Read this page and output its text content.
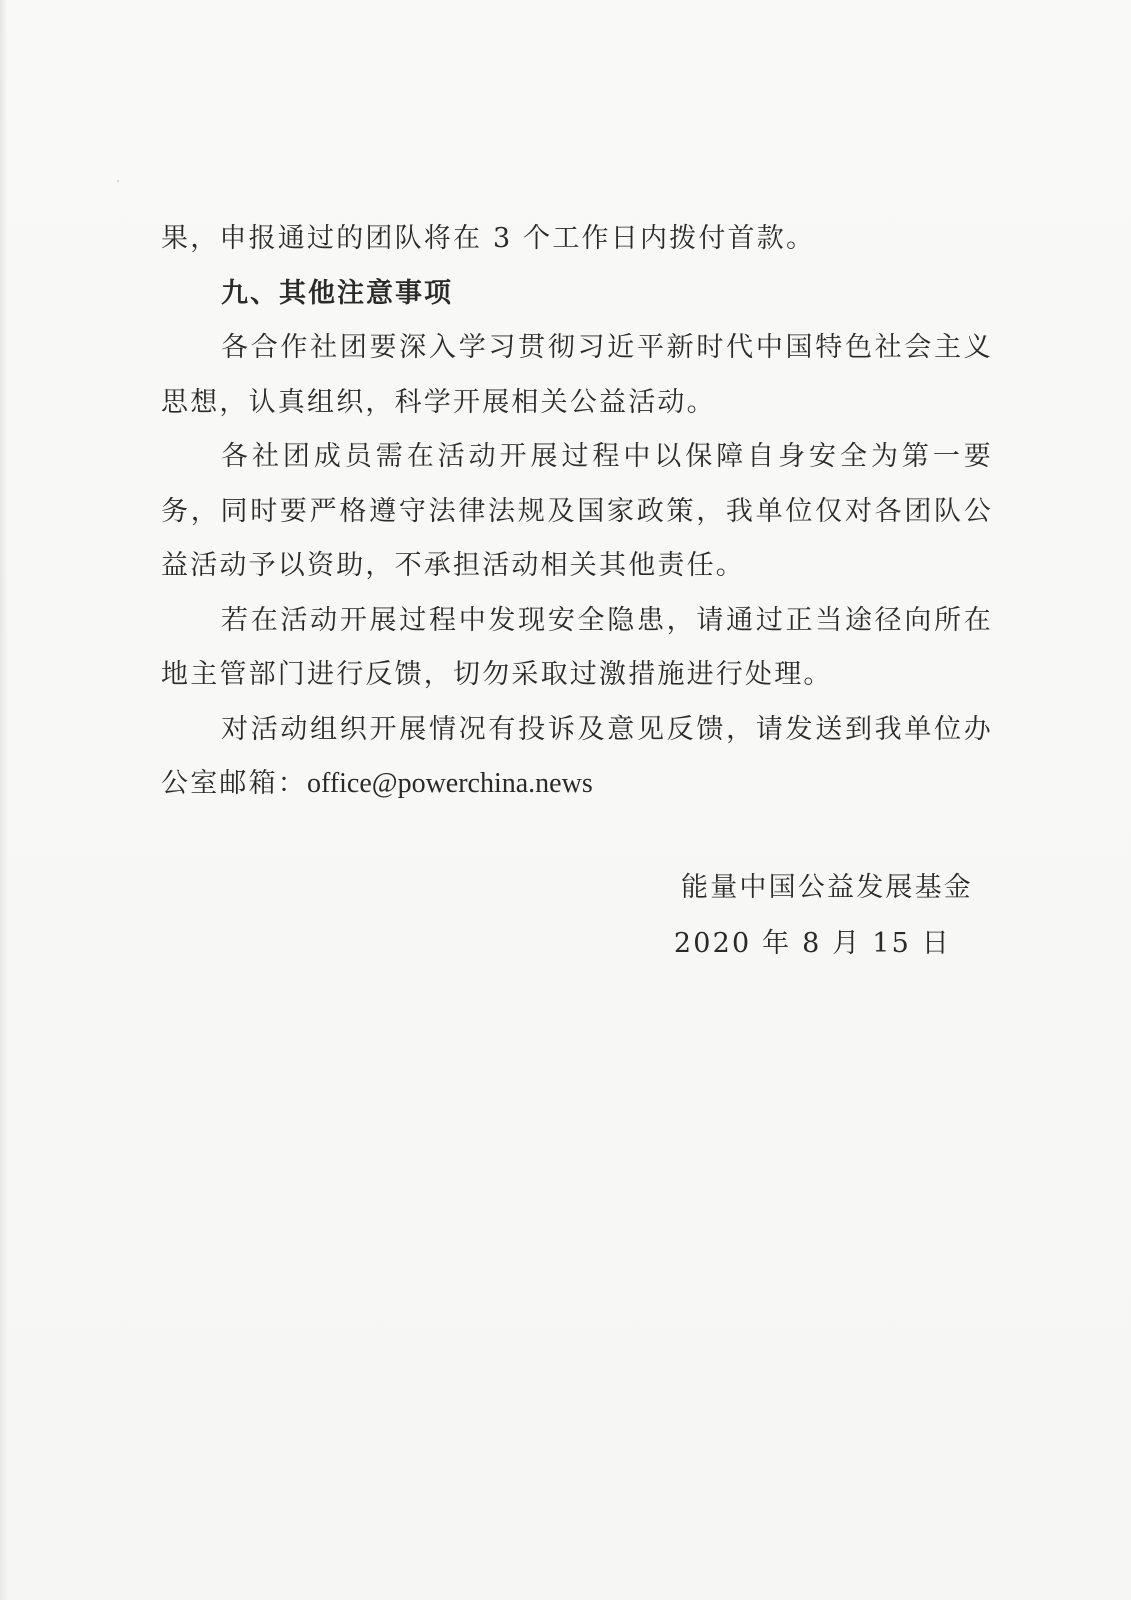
果，申报通过的团队将在 3 个工作日内拨付首款。

九、其他注意事项

各合作社团要深入学习贯彻习近平新时代中国特色社会主义思想，认真组织，科学开展相关公益活动。

各社团成员需在活动开展过程中以保障自身安全为第一要务，同时要严格遵守法律法规及国家政策，我单位仅对各团队公益活动予以资助，不承担活动相关其他责任。

若在活动开展过程中发现安全隐患，请通过正当途径向所在地主管部门进行反馈，切勿采取过激措施进行处理。

对活动组织开展情况有投诉及意见反馈，请发送到我单位办公室邮箱：office@powerchina.news

能量中国公益发展基金
2020 年 8 月 15 日
